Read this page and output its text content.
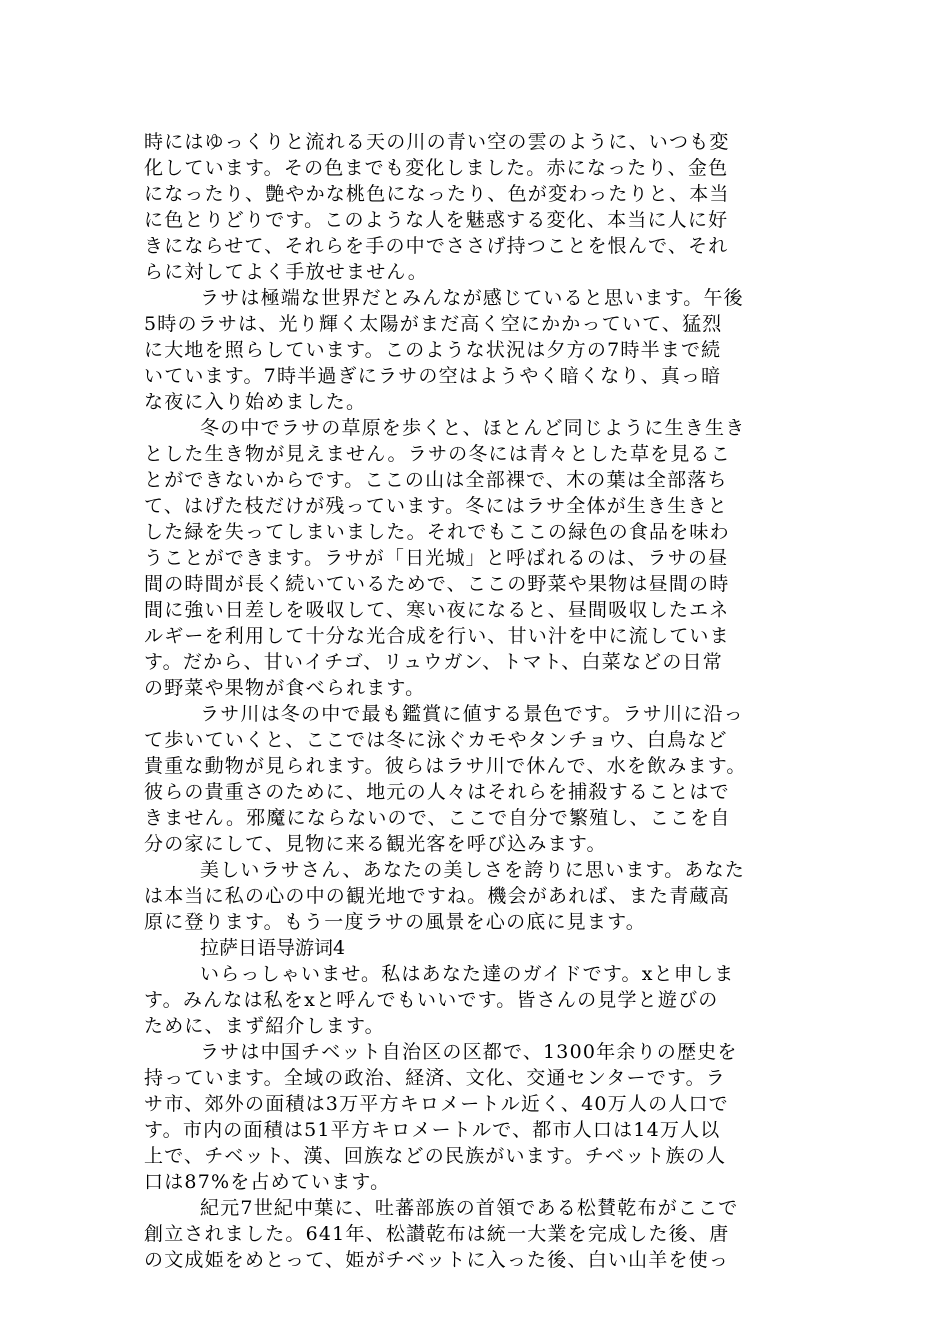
時にはゆっくりと流れる天の川の青い空の雲のように、いつも変

化しています。その色までも変化しました。赤になったり、金色

になったり、艶やかな桃色になったり、色が変わったりと、本当

に色とりどりです。このような人を魅惑する変化、本当に人に好

きにならせて、それらを手の中でささげ持つことを恨んで、それ

らに対してよく手放せません。

ラサは極端な世界だとみんなが感じていると思います。午後

5時のラサは、光り輝く太陽がまだ高く空にかかっていて、猛烈

に大地を照らしています。このような状況は夕方の7時半まで続

いています。7時半過ぎにラサの空はようやく暗くなり、真っ暗

な夜に入り始めました。

冬の中でラサの草原を歩くと、ほとんど同じように生き生き

とした生き物が見えません。ラサの冬には青々とした草を見るこ

とができないからです。ここの山は全部裸で、木の葉は全部落ち

て、はげた枝だけが残っています。冬にはラサ全体が生き生きと

した緑を失ってしまいました。それでもここの緑色の食品を味わ

うことができます。ラサが「日光城」と呼ばれるのは、ラサの昼

間の時間が長く続いているためで、ここの野菜や果物は昼間の時

間に強い日差しを吸収して、寒い夜になると、昼間吸収したエネ

ルギーを利用して十分な光合成を行い、甘い汁を中に流していま

す。だから、甘いイチゴ、リュウガン、トマト、白菜などの日常

の野菜や果物が食べられます。

ラサ川は冬の中で最も鑑賞に値する景色です。ラサ川に沿っ

て歩いていくと、ここでは冬に泳ぐカモやタンチョウ、白鳥など

貴重な動物が見られます。彼らはラサ川で休んで、水を飲みます。

彼らの貴重さのために、地元の人々はそれらを捕殺することはで

きません。邪魔にならないので、ここで自分で繁殖し、ここを自

分の家にして、見物に来る観光客を呼び込みます。

美しいラサさん、あなたの美しさを誇りに思います。あなた

は本当に私の心の中の観光地ですね。機会があれば、また青蔵高

原に登ります。もう一度ラサの風景を心の底に見ます。

拉萨日语导游词4

いらっしゃいませ。私はあなた達のガイドです。xと申しま

す。みんなは私をxと呼んでもいいです。皆さんの見学と遊びの

ために、まず紹介します。

ラサは中国チベット自治区の区都で、1300年余りの歴史を

持っています。全域の政治、経済、文化、交通センターです。ラ

サ市、郊外の面積は3万平方キロメートル近く、40万人の人口で

す。市内の面積は51平方キロメートルで、都市人口は14万人以

上で、チベット、漢、回族などの民族がいます。チベット族の人

口は87%を占めています。

紀元7世紀中葉に、吐蕃部族の首領である松賛乾布がここで

創立されました。641年、松讃乾布は統一大業を完成した後、唐

の文成姫をめとって、姫がチベットに入った後、白い山羊を使っ
